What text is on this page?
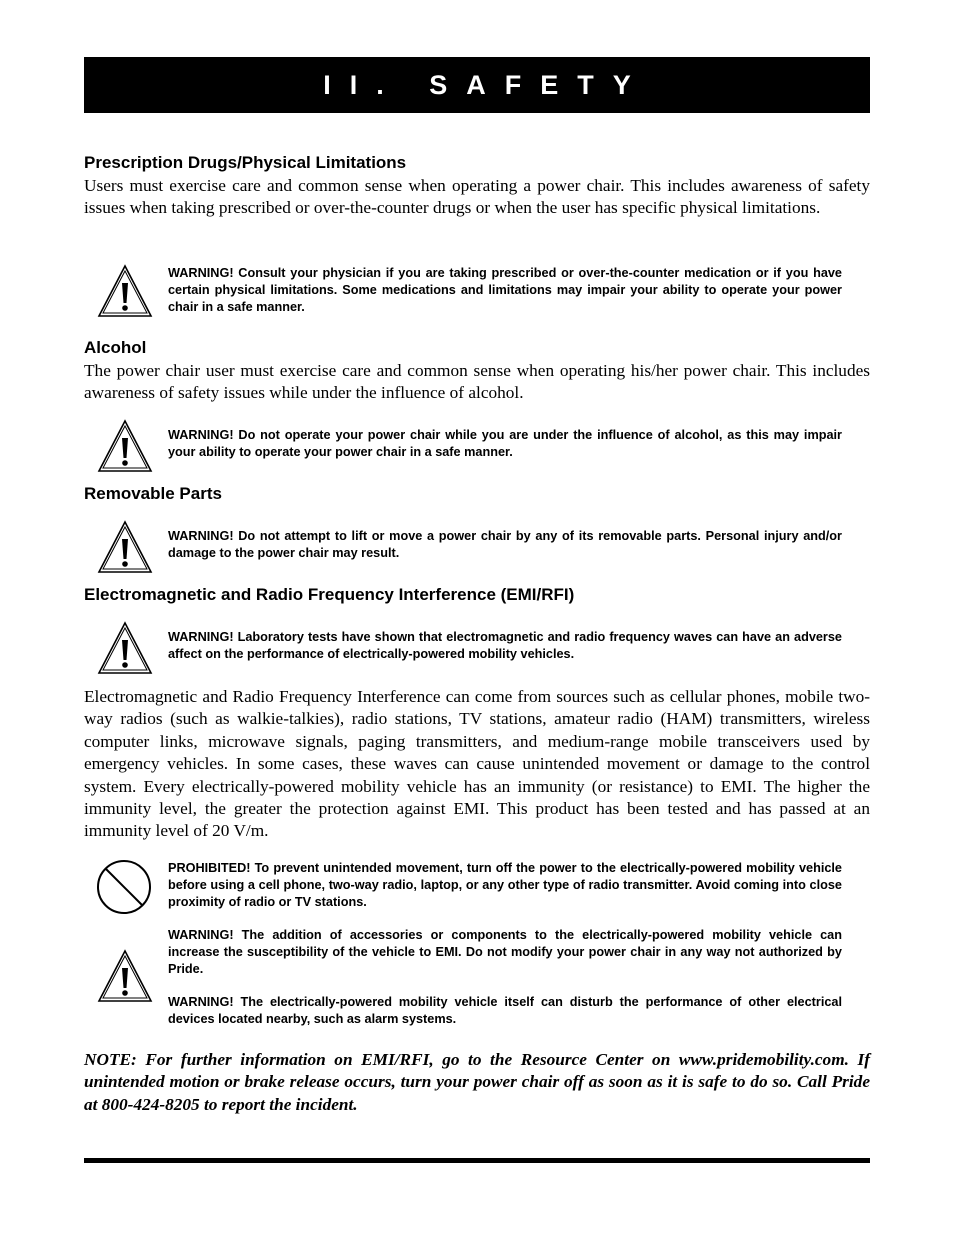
II. SAFETY
Prescription Drugs/Physical Limitations

Users must exercise care and common sense when operating a power chair. This includes awareness of safety issues when taking prescribed or over-the-counter drugs or when the user has specific physical limitations.

WARNING! Consult your physician if you are taking prescribed or over-the-counter medication or if you have certain physical limitations. Some medications and limitations may impair your ability to operate your power chair in a safe manner.

Alcohol

The power chair user must exercise care and common sense when operating his/her power chair. This includes awareness of safety issues while under the influence of alcohol.

WARNING! Do not operate your power chair while you are under the influence of alcohol, as this may impair your ability to operate your power chair in a safe manner.

Removable Parts

WARNING! Do not attempt to lift or move a power chair by any of its removable parts. Personal injury and/or damage to the power chair may result.

Electromagnetic and Radio Frequency Interference (EMI/RFI)

WARNING! Laboratory tests have shown that electromagnetic and radio frequency waves can have an adverse affect on the performance of electrically-powered mobility vehicles.

Electromagnetic and Radio Frequency Interference can come from sources such as cellular phones, mobile two-way radios (such as walkie-talkies), radio stations, TV stations, amateur radio (HAM) transmitters, wireless computer links, microwave signals, paging transmitters, and medium-range mobile transceivers used by emergency vehicles. In some cases, these waves can cause unintended movement or damage to the control system. Every electrically-powered mobility vehicle has an immunity (or resistance) to EMI. The higher the immunity level, the greater the protection against EMI. This product has been tested and has passed at an immunity level of 20 V/m.

PROHIBITED! To prevent unintended movement, turn off the power to the electrically-powered mobility vehicle before using a cell phone, two-way radio, laptop, or any other type of radio transmitter. Avoid coming into close proximity of radio or TV stations.

WARNING! The addition of accessories or components to the electrically-powered mobility vehicle can increase the susceptibility of the vehicle to EMI. Do not modify your power chair in any way not authorized by Pride.

WARNING! The electrically-powered mobility vehicle itself can disturb the performance of other electrical devices located nearby, such as alarm systems.

NOTE: For further information on EMI/RFI, go to the Resource Center on www.pridemobility.com. If unintended motion or brake release occurs, turn your power chair off as soon as it is safe to do so. Call Pride at 800-424-8205 to report the incident.
